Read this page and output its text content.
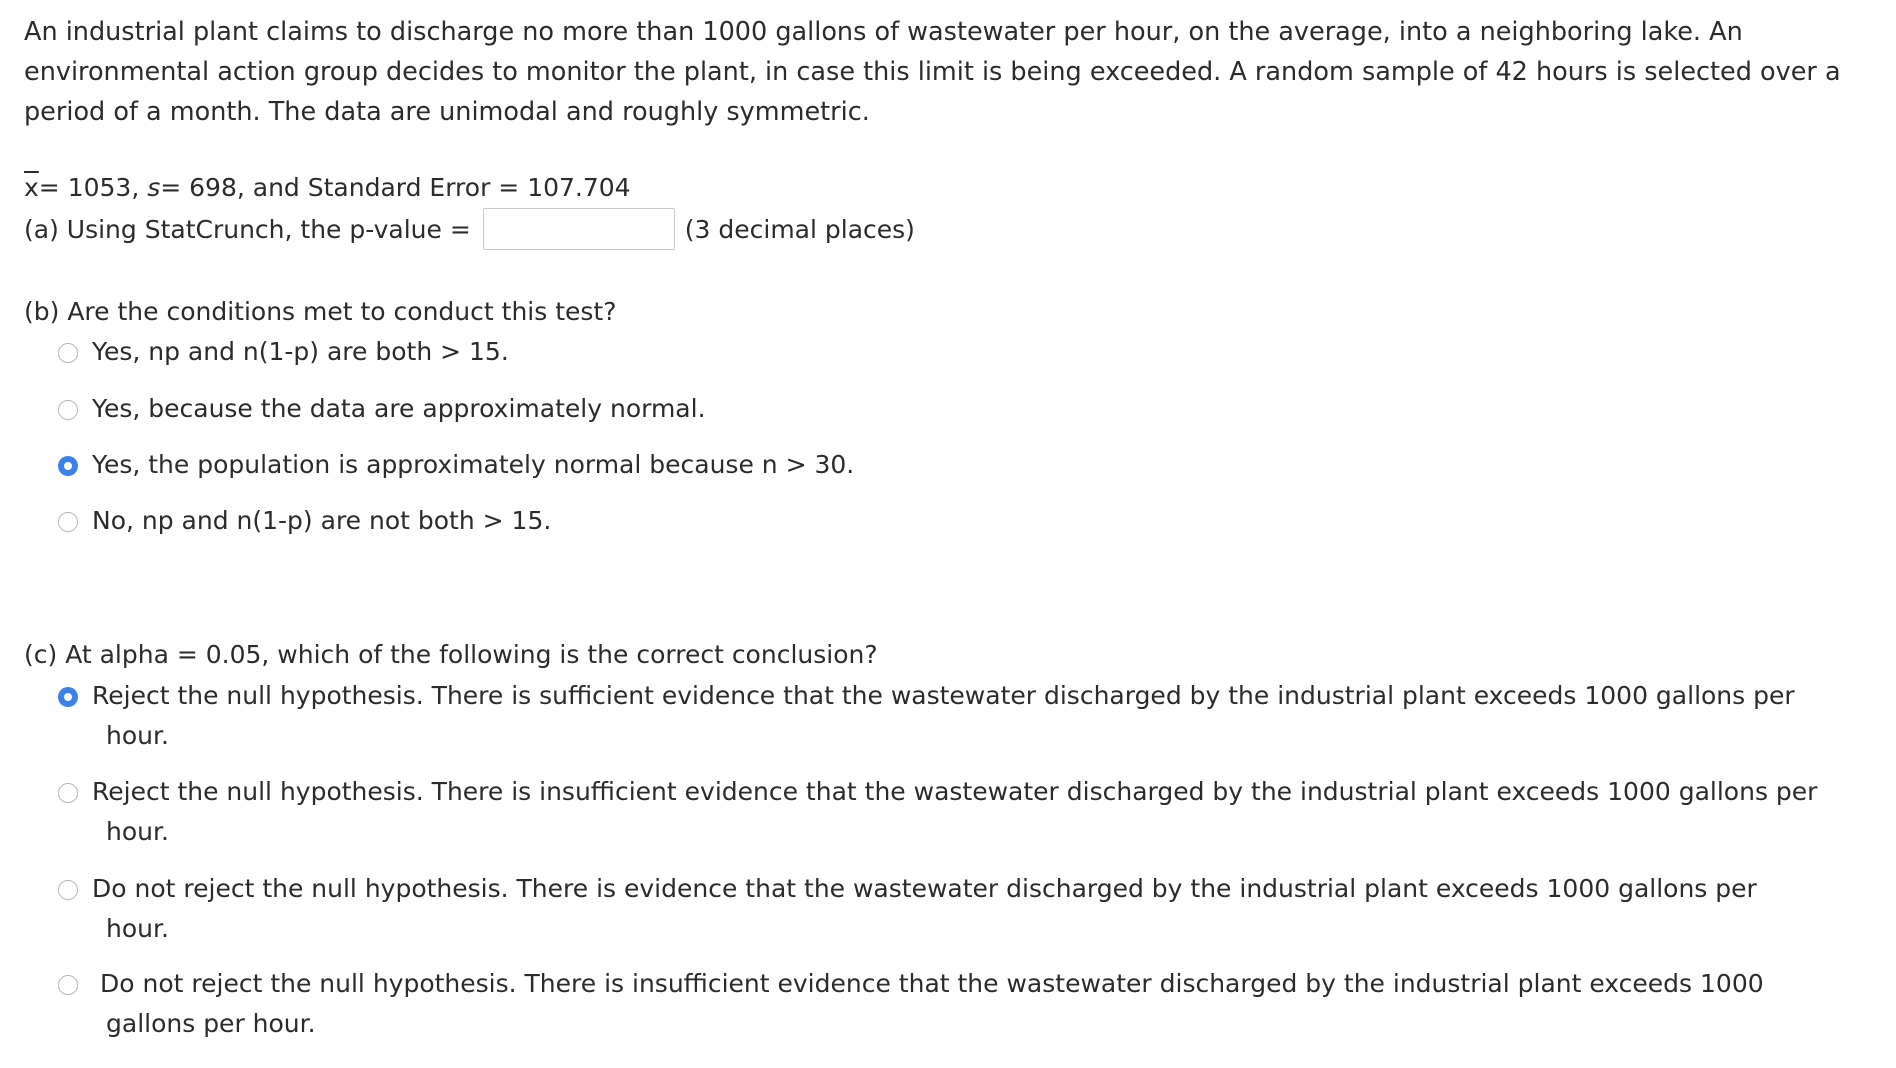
An industrial plant claims to discharge no more than 1000 gallons of wastewater per hour, on the average, into a neighboring lake. An environmental action group decides to monitor the plant, in case this limit is being exceeded. A random sample of 42 hours is selected over a period of a month. The data are unimodal and roughly symmetric.

$\overline{x}= 1053$, s= 698, and Standard Error = 107.704
(a) Using StatCrunch, the p-value =	(3 decimal places)
(b) Are the conditions met to conduct this test?
Yes, np and n(1-p) are both > 15.
Yes, because the data are approximately normal.
Yes, the population is approximately normal because n > 30.
No, np and n(1-p) are not both > 15.
(c) At alpha = 0.05, which of the following is the correct conclusion?
Reject the null hypothesis. There is sufficient evidence that the wastewater discharged by the industrial plant exceeds 1000 gallons per
hour.
Reject the null hypothesis. There is insufficient evidence that the wastewater discharged by the industrial plant exceeds 1000 gallons per
hour.
Do not reject the null hypothesis. There is evidence that the wastewater discharged by the industrial plant exceeds 1000 gallons per
hour.
Do not reject the null hypothesis. There is insufficient evidence that the wastewater discharged by the industrial plant exceeds 1000
gallons per hour.
